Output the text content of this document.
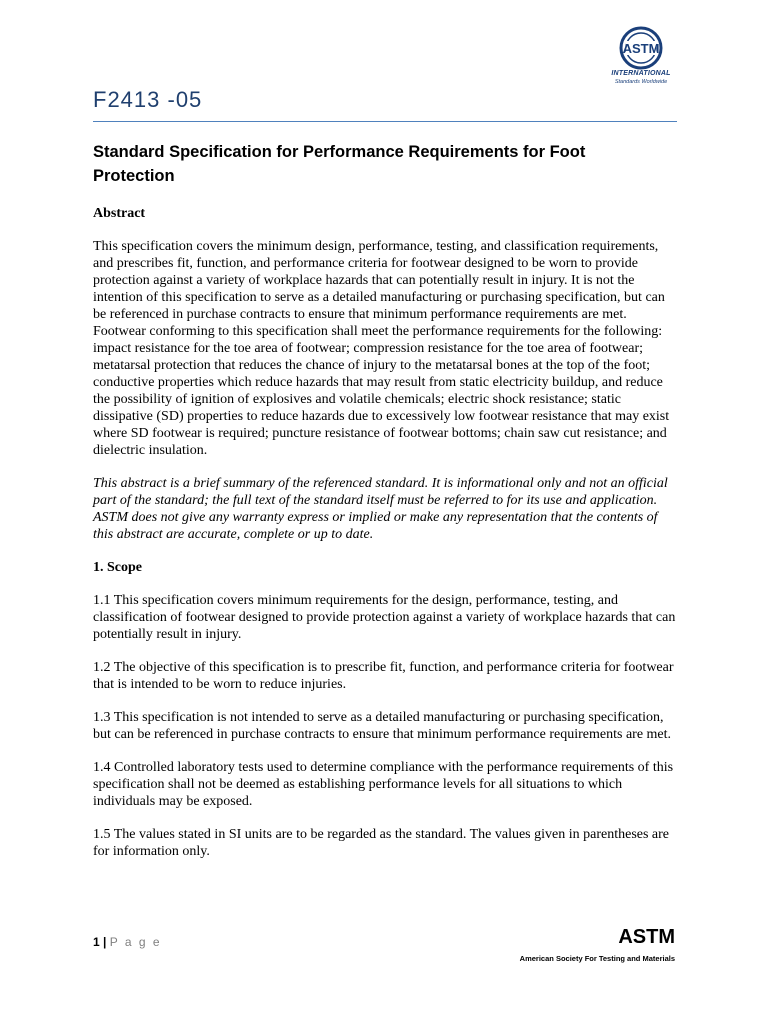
ASTM
INTERNATIONAL
Standards Worldwide
F2413 -05
Standard Specification for Performance Requirements for Foot Protection

Abstract

This specification covers the minimum design, performance, testing, and classification requirements, and prescribes fit, function, and performance criteria for footwear designed to be worn to provide protection against a variety of workplace hazards that can potentially result in injury. It is not the intention of this specification to serve as a detailed manufacturing or purchasing specification, but can be referenced in purchase contracts to ensure that minimum performance requirements are met. Footwear conforming to this specification shall meet the performance requirements for the following: impact resistance for the toe area of footwear; compression resistance for the toe area of footwear; metatarsal protection that reduces the chance of injury to the metatarsal bones at the top of the foot; conductive properties which reduce hazards that may result from static electricity buildup, and reduce the possibility of ignition of explosives and volatile chemicals; electric shock resistance; static dissipative (SD) properties to reduce hazards due to excessively low footwear resistance that may exist where SD footwear is required; puncture resistance of footwear bottoms; chain saw cut resistance; and dielectric insulation.

This abstract is a brief summary of the referenced standard. It is informational only and not an official part of the standard; the full text of the standard itself must be referred to for its use and application. ASTM does not give any warranty express or implied or make any representation that the contents of this abstract are accurate, complete or up to date.

1. Scope

1.1 This specification covers minimum requirements for the design, performance, testing, and classification of footwear designed to provide protection against a variety of workplace hazards that can potentially result in injury.

1.2 The objective of this specification is to prescribe fit, function, and performance criteria for footwear that is intended to be worn to reduce injuries.

1.3 This specification is not intended to serve as a detailed manufacturing or purchasing specification, but can be referenced in purchase contracts to ensure that minimum performance requirements are met.

1.4 Controlled laboratory tests used to determine compliance with the performance requirements of this specification shall not be deemed as establishing performance levels for all situations to which individuals may be exposed.

1.5 The values stated in SI units are to be regarded as the standard. The values given in parentheses are for information only.

1 | P a g e	ASTM
American Society For Testing and Materials
